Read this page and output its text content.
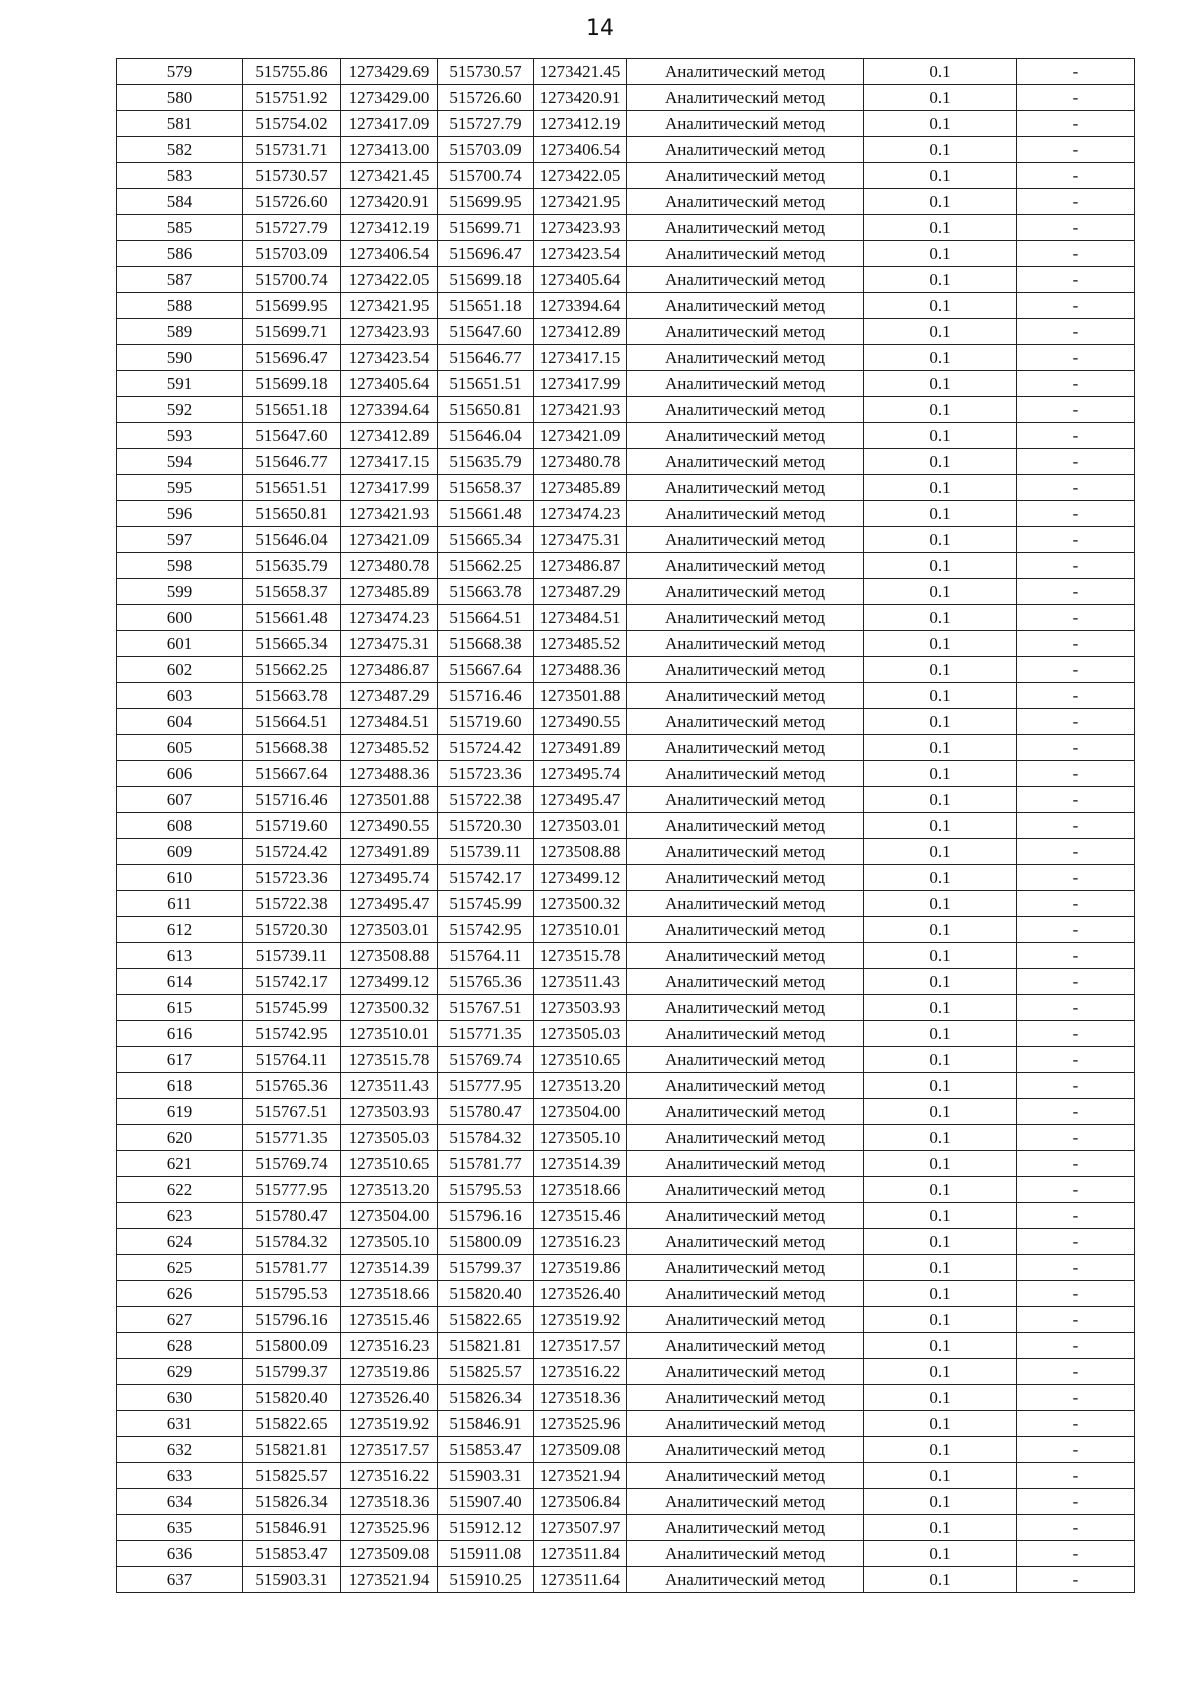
14
579	515755.86	1273429.69	515730.57	1273421.45	Аналитический метод	0.1	-
580	515751.92	1273429.00	515726.60	1273420.91	Аналитический метод	0.1	-
581	515754.02	1273417.09	515727.79	1273412.19	Аналитический метод	0.1	-
582	515731.71	1273413.00	515703.09	1273406.54	Аналитический метод	0.1	-
583	515730.57	1273421.45	515700.74	1273422.05	Аналитический метод	0.1	-
584	515726.60	1273420.91	515699.95	1273421.95	Аналитический метод	0.1	-
585	515727.79	1273412.19	515699.71	1273423.93	Аналитический метод	0.1	-
586	515703.09	1273406.54	515696.47	1273423.54	Аналитический метод	0.1	-
587	515700.74	1273422.05	515699.18	1273405.64	Аналитический метод	0.1	-
588	515699.95	1273421.95	515651.18	1273394.64	Аналитический метод	0.1	-
589	515699.71	1273423.93	515647.60	1273412.89	Аналитический метод	0.1	-
590	515696.47	1273423.54	515646.77	1273417.15	Аналитический метод	0.1	-
591	515699.18	1273405.64	515651.51	1273417.99	Аналитический метод	0.1	-
592	515651.18	1273394.64	515650.81	1273421.93	Аналитический метод	0.1	-
593	515647.60	1273412.89	515646.04	1273421.09	Аналитический метод	0.1	-
594	515646.77	1273417.15	515635.79	1273480.78	Аналитический метод	0.1	-
595	515651.51	1273417.99	515658.37	1273485.89	Аналитический метод	0.1	-
596	515650.81	1273421.93	515661.48	1273474.23	Аналитический метод	0.1	-
597	515646.04	1273421.09	515665.34	1273475.31	Аналитический метод	0.1	-
598	515635.79	1273480.78	515662.25	1273486.87	Аналитический метод	0.1	-
599	515658.37	1273485.89	515663.78	1273487.29	Аналитический метод	0.1	-
600	515661.48	1273474.23	515664.51	1273484.51	Аналитический метод	0.1	-
601	515665.34	1273475.31	515668.38	1273485.52	Аналитический метод	0.1	-
602	515662.25	1273486.87	515667.64	1273488.36	Аналитический метод	0.1	-
603	515663.78	1273487.29	515716.46	1273501.88	Аналитический метод	0.1	-
604	515664.51	1273484.51	515719.60	1273490.55	Аналитический метод	0.1	-
605	515668.38	1273485.52	515724.42	1273491.89	Аналитический метод	0.1	-
606	515667.64	1273488.36	515723.36	1273495.74	Аналитический метод	0.1	-
607	515716.46	1273501.88	515722.38	1273495.47	Аналитический метод	0.1	-
608	515719.60	1273490.55	515720.30	1273503.01	Аналитический метод	0.1	-
609	515724.42	1273491.89	515739.11	1273508.88	Аналитический метод	0.1	-
610	515723.36	1273495.74	515742.17	1273499.12	Аналитический метод	0.1	-
611	515722.38	1273495.47	515745.99	1273500.32	Аналитический метод	0.1	-
612	515720.30	1273503.01	515742.95	1273510.01	Аналитический метод	0.1	-
613	515739.11	1273508.88	515764.11	1273515.78	Аналитический метод	0.1	-
614	515742.17	1273499.12	515765.36	1273511.43	Аналитический метод	0.1	-
615	515745.99	1273500.32	515767.51	1273503.93	Аналитический метод	0.1	-
616	515742.95	1273510.01	515771.35	1273505.03	Аналитический метод	0.1	-
617	515764.11	1273515.78	515769.74	1273510.65	Аналитический метод	0.1	-
618	515765.36	1273511.43	515777.95	1273513.20	Аналитический метод	0.1	-
619	515767.51	1273503.93	515780.47	1273504.00	Аналитический метод	0.1	-
620	515771.35	1273505.03	515784.32	1273505.10	Аналитический метод	0.1	-
621	515769.74	1273510.65	515781.77	1273514.39	Аналитический метод	0.1	-
622	515777.95	1273513.20	515795.53	1273518.66	Аналитический метод	0.1	-
623	515780.47	1273504.00	515796.16	1273515.46	Аналитический метод	0.1	-
624	515784.32	1273505.10	515800.09	1273516.23	Аналитический метод	0.1	-
625	515781.77	1273514.39	515799.37	1273519.86	Аналитический метод	0.1	-
626	515795.53	1273518.66	515820.40	1273526.40	Аналитический метод	0.1	-
627	515796.16	1273515.46	515822.65	1273519.92	Аналитический метод	0.1	-
628	515800.09	1273516.23	515821.81	1273517.57	Аналитический метод	0.1	-
629	515799.37	1273519.86	515825.57	1273516.22	Аналитический метод	0.1	-
630	515820.40	1273526.40	515826.34	1273518.36	Аналитический метод	0.1	-
631	515822.65	1273519.92	515846.91	1273525.96	Аналитический метод	0.1	-
632	515821.81	1273517.57	515853.47	1273509.08	Аналитический метод	0.1	-
633	515825.57	1273516.22	515903.31	1273521.94	Аналитический метод	0.1	-
634	515826.34	1273518.36	515907.40	1273506.84	Аналитический метод	0.1	-
635	515846.91	1273525.96	515912.12	1273507.97	Аналитический метод	0.1	-
636	515853.47	1273509.08	515911.08	1273511.84	Аналитический метод	0.1	-
637	515903.31	1273521.94	515910.25	1273511.64	Аналитический метод	0.1	-
